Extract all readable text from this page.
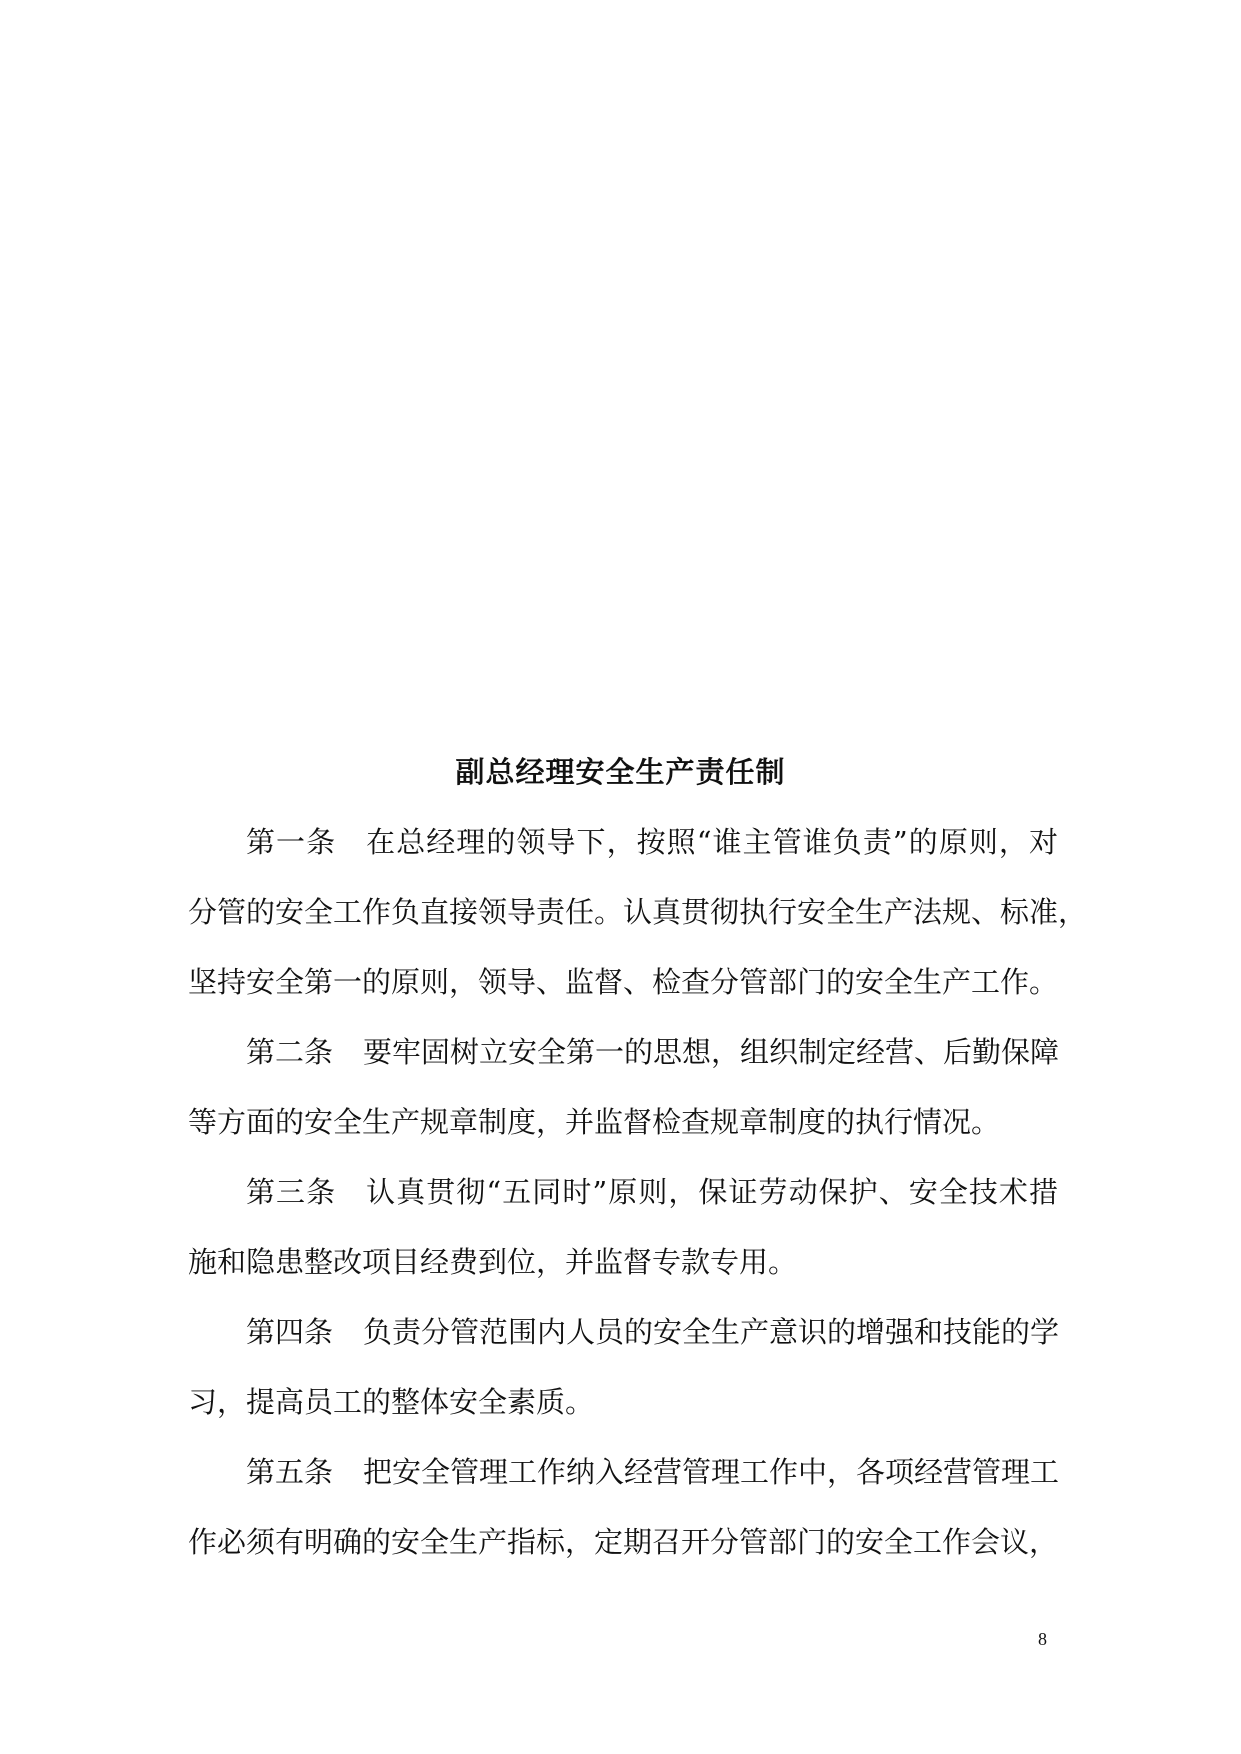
副总经理安全生产责任制
第一条 在总经理的领导下，按照“谁主管谁负责”的原则，对
分管的安全工作负直接领导责任。认真贯彻执行安全生产法规、标准，
坚持安全第一的原则，领导、监督、检查分管部门的安全生产工作。
第二条 要牢固树立安全第一的思想，组织制定经营、后勤保障
等方面的安全生产规章制度，并监督检查规章制度的执行情况。
第三条 认真贯彻“五同时”原则，保证劳动保护、安全技术措
施和隐患整改项目经费到位，并监督专款专用。
第四条 负责分管范围内人员的安全生产意识的增强和技能的学
习，提高员工的整体安全素质。
第五条 把安全管理工作纳入经营管理工作中，各项经营管理工
作必须有明确的安全生产指标，定期召开分管部门的安全工作会议，
8
